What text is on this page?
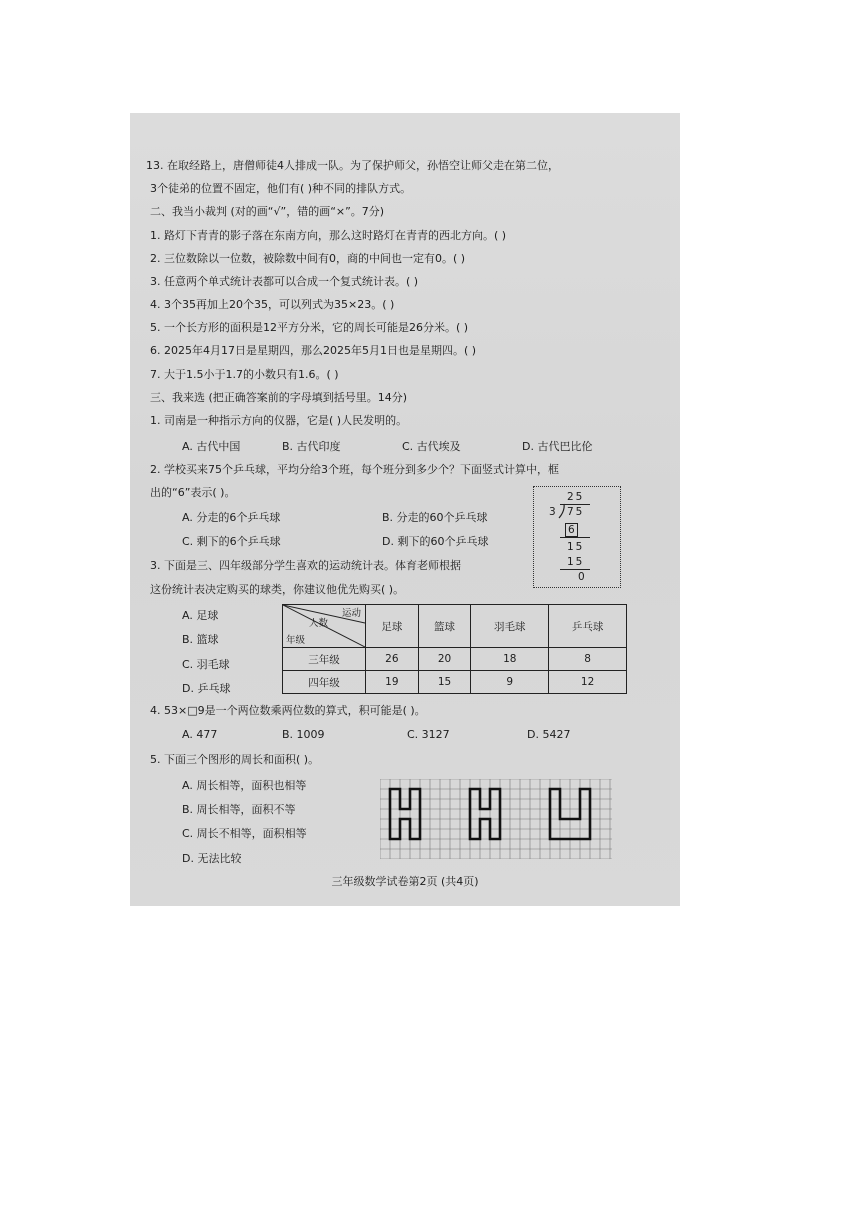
13. 在取经路上，唐僧师徒4人排成一队。为了保护师父，孙悟空让师父走在第二位，
3个徒弟的位置不固定，他们有( )种不同的排队方式。
二、我当小裁判 (对的画“√”，错的画“×”。7分)
1. 路灯下青青的影子落在东南方向，那么这时路灯在青青的西北方向。( )
2. 三位数除以一位数，被除数中间有0，商的中间也一定有0。( )
3. 任意两个单式统计表都可以合成一个复式统计表。( )
4. 3个35再加上20个35，可以列式为35×23。( )
5. 一个长方形的面积是12平方分米，它的周长可能是26分米。( )
6. 2025年4月17日是星期四，那么2025年5月1日也是星期四。( )
7. 大于1.5小于1.7的小数只有1.6。( )
三、我来选 (把正确答案前的字母填到括号里。14分)
1. 司南是一种指示方向的仪器，它是( )人民发明的。
A. 古代中国	B. 古代印度	C. 古代埃及	D. 古代巴比伦
2. 学校买来75个乒乓球，平均分给3个班，每个班分到多少个？下面竖式计算中，框
出的“6”表示( )。
A. 分走的6个乒乓球	B. 分走的60个乒乓球
C. 剩下的6个乒乓球	D. 剩下的60个乒乓球
25
3 75
6
15
15
0
3. 下面是三、四年级部分学生喜欢的运动统计表。体育老师根据
这份统计表决定购买的球类，你建议他优先购买( )。
A. 足球
B. 篮球
C. 羽毛球
D. 乒乓球
运动
人数
年级	足球	篮球	羽毛球	乒乓球
三年级	26	20	18	8
四年级	19	15	9	12
4. 53×□9是一个两位数乘两位数的算式，积可能是( )。
A. 477	B. 1009	C. 3127	D. 5427
5. 下面三个图形的周长和面积( )。
A. 周长相等，面积也相等
B. 周长相等，面积不等
C. 周长不相等，面积相等
D. 无法比较
三年级数学试卷第2页 (共4页)
